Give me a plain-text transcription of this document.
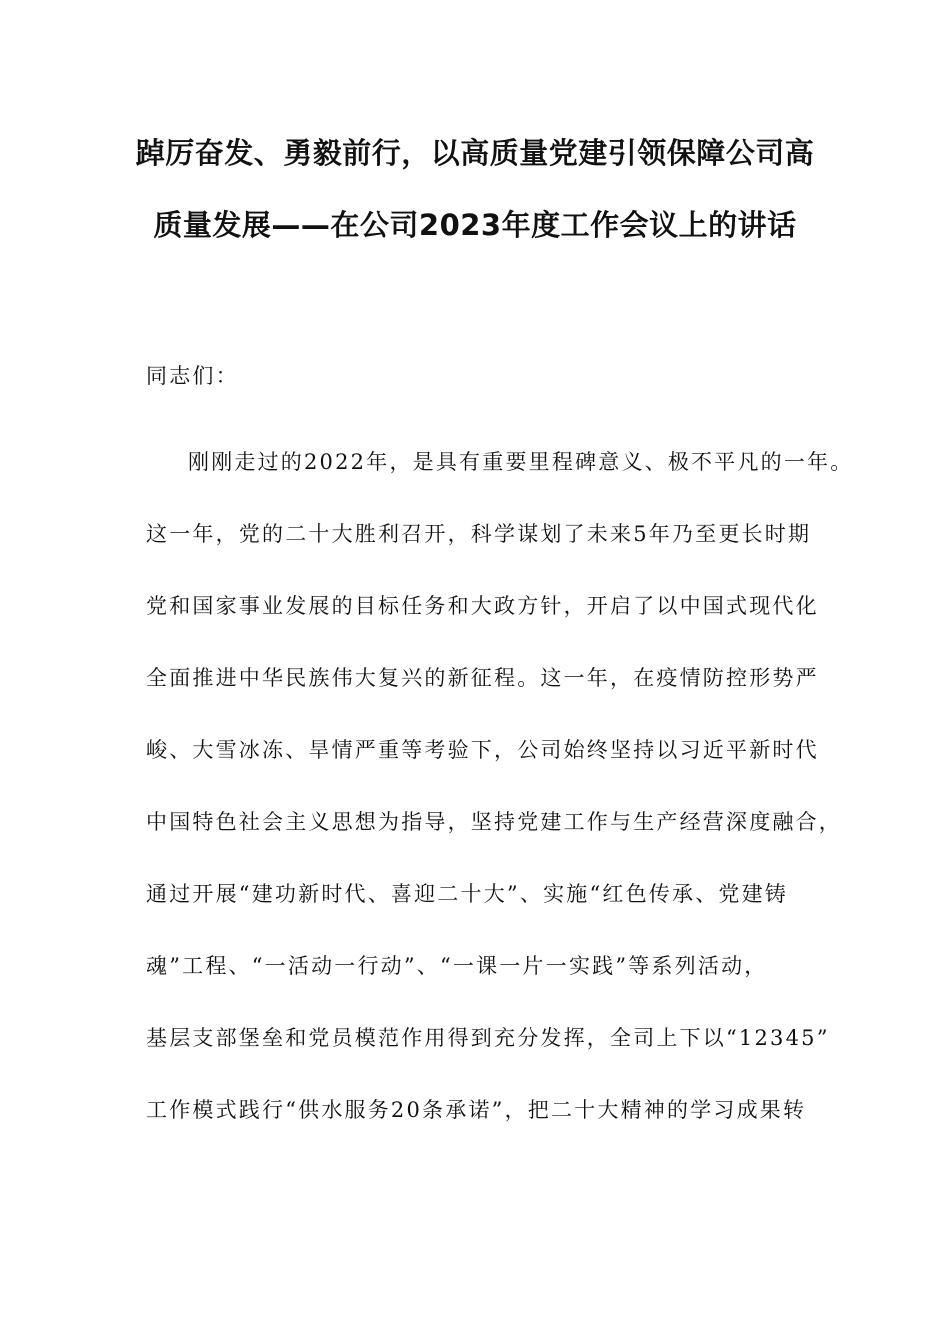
踔厉奋发、勇毅前行，以高质量党建引领保障公司高
质量发展——在公司2023年度工作会议上的讲话
同志们：
刚刚走过的2022年，是具有重要里程碑意义、极不平凡的一年。
这一年，党的二十大胜利召开，科学谋划了未来5年乃至更长时期
党和国家事业发展的目标任务和大政方针，开启了以中国式现代化
全面推进中华民族伟大复兴的新征程。这一年，在疫情防控形势严
峻、大雪冰冻、旱情严重等考验下，公司始终坚持以习近平新时代
中国特色社会主义思想为指导，坚持党建工作与生产经营深度融合，
通过开展“建功新时代、喜迎二十大”、实施“红色传承、党建铸
魂”工程、“一活动一行动”、“一课一片一实践”等系列活动，
基层支部堡垒和党员模范作用得到充分发挥，全司上下以“12345”
工作模式践行“供水服务20条承诺”，把二十大精神的学习成果转
